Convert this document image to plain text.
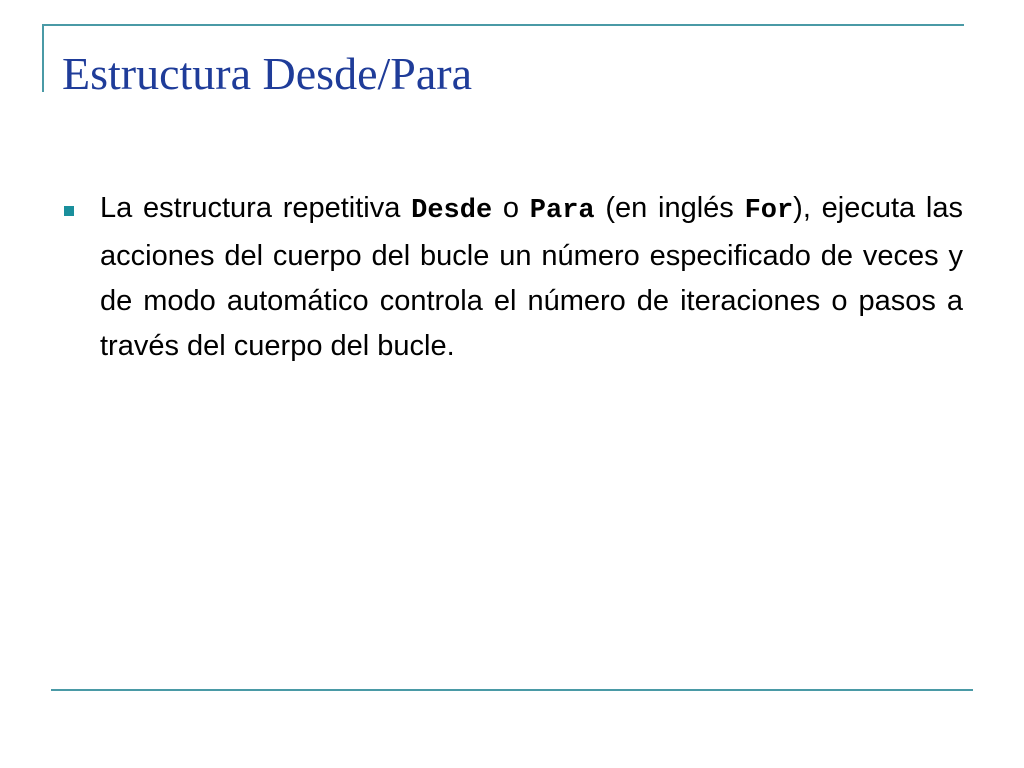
Estructura Desde/Para

La estructura repetitiva Desde o Para (en inglés For), ejecuta las acciones del cuerpo del bucle un número especificado de veces y de modo automático controla el número de iteraciones o pasos a través del cuerpo del bucle.
